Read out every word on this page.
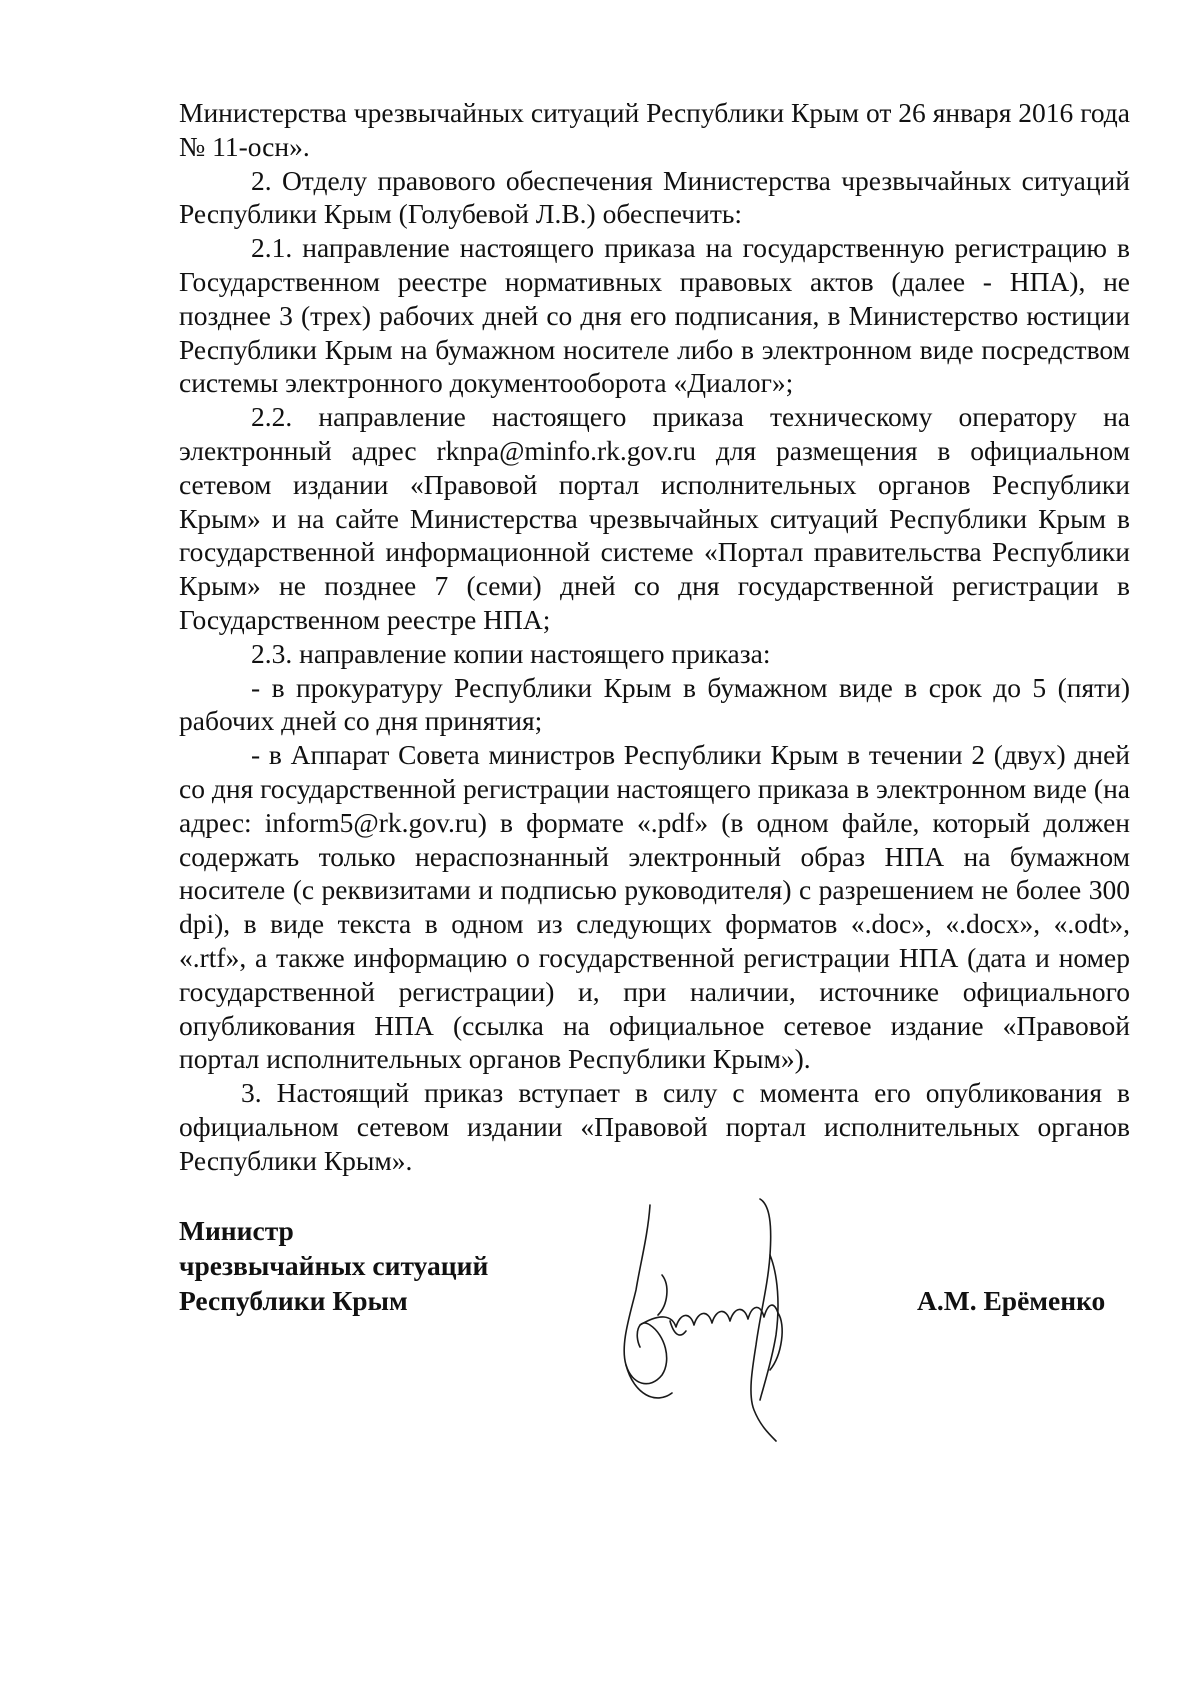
Министерства чрезвычайных ситуаций Республики Крым от 26 января 2016 года № 11-осн».

2. Отделу правового обеспечения Министерства чрезвычайных ситуаций Республики Крым (Голубевой Л.В.) обеспечить:

2.1. направление настоящего приказа на государственную регистрацию в Государственном реестре нормативных правовых актов (далее - НПА), не позднее 3 (трех) рабочих дней со дня его подписания, в Министерство юстиции Республики Крым на бумажном носителе либо в электронном виде посредством системы электронного документооборота «Диалог»;

2.2. направление настоящего приказа техническому оператору на электронный адрес rknpa@minfo.rk.gov.ru для размещения в официальном сетевом издании «Правовой портал исполнительных органов Республики Крым» и на сайте Министерства чрезвычайных ситуаций Республики Крым в государственной информационной системе «Портал правительства Республики Крым» не позднее 7 (семи) дней со дня государственной регистрации в Государственном реестре НПА;

2.3. направление копии настоящего приказа:

- в прокуратуру Республики Крым в бумажном виде в срок до 5 (пяти) рабочих дней со дня принятия;

- в Аппарат Совета министров Республики Крым в течении 2 (двух) дней со дня государственной регистрации настоящего приказа в электронном виде (на адрес: inform5@rk.gov.ru) в формате «.pdf» (в одном файле, который должен содержать только нераспознанный электронный образ НПА на бумажном носителе (с реквизитами и подписью руководителя) с разрешением не более 300 dpi), в виде текста в одном из следующих форматов «.doc», «.docx», «.odt», «.rtf», а также информацию о государственной регистрации НПА (дата и номер государственной регистрации) и, при наличии, источнике официального опубликования НПА (ссылка на официальное сетевое издание «Правовой портал исполнительных органов Республики Крым»).

3. Настоящий приказ вступает в силу с момента его опубликования в официальном сетевом издании «Правовой портал исполнительных органов Республики Крым».

Министр
чрезвычайных ситуаций
Республики Крым	А.М. Ерёменко
